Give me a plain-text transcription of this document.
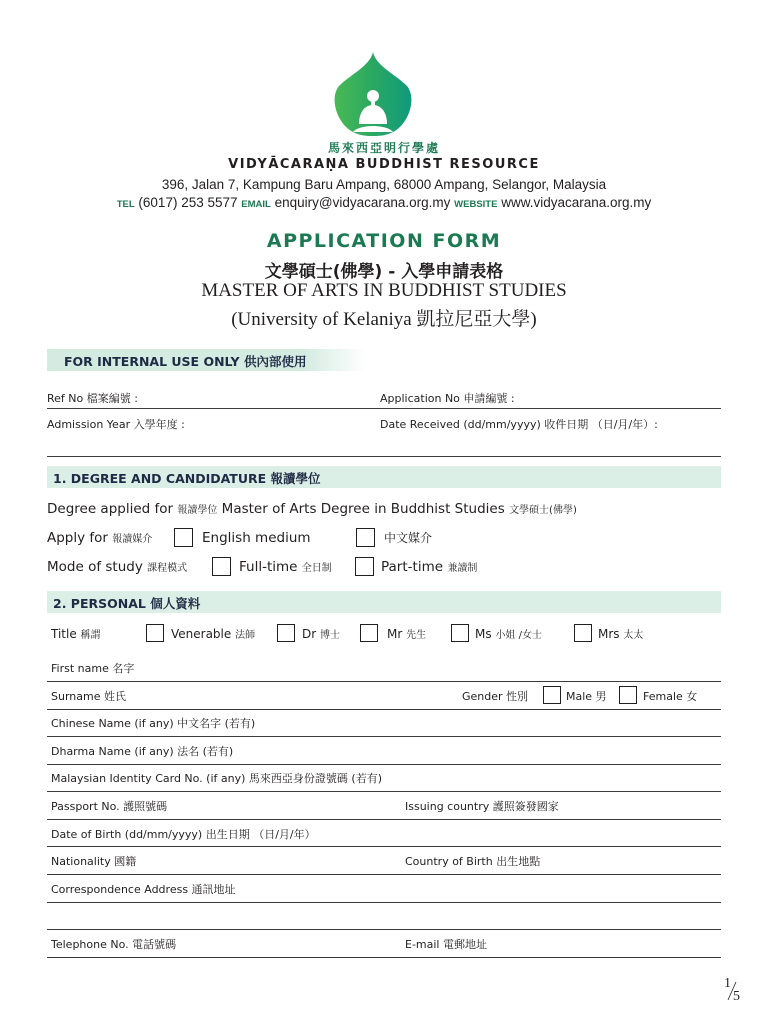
馬來西亞明行學處
VIDYĀCARAṆA BUDDHIST RESOURCE
396, Jalan 7, Kampung Baru Ampang, 68000 Ampang, Selangor, Malaysia
TEL (6017) 253 5577 EMAIL enquiry@vidyacarana.org.my WEBSITE www.vidyacarana.org.my
APPLICATION FORM
文學碩士(佛學) - 入學申請表格
MASTER OF ARTS IN BUDDHIST STUDIES
(University of Kelaniya 凱拉尼亞大學)
FOR INTERNAL USE ONLY 供內部使用
Ref No 檔案編號 :	Application No 申請編號 :
Admission Year 入學年度 :	Date Received (dd/mm/yyyy) 收件日期 （日/月/年）:
1. DEGREE AND CANDIDATURE 報讀學位
Degree applied for 報讀學位 Master of Arts Degree in Buddhist Studies 文學碩士(佛學)
Apply for 報讀媒介	English medium	中文媒介
Mode of study 課程模式	Full-time 全日制	Part-time 兼讀制
2. PERSONAL 個人資料
Title 稱謂	Venerable 法師	Dr 博士	Mr 先生	Ms 小姐 /女士	Mrs 太太
First name 名字
Surname 姓氏	Gender 性別	Male 男	Female 女
Chinese Name (if any) 中文名字 (若有)
Dharma Name (if any) 法名 (若有)
Malaysian Identity Card No. (if any) 馬來西亞身份證號碼 (若有)
Passport No. 護照號碼	Issuing country 護照簽發國家
Date of Birth (dd/mm/yyyy) 出生日期 （日/月/年）
Nationality 國籍	Country of Birth 出生地點
Correspondence Address 通訊地址
Telephone No. 電話號碼	E-mail 電郵地址
1
5
